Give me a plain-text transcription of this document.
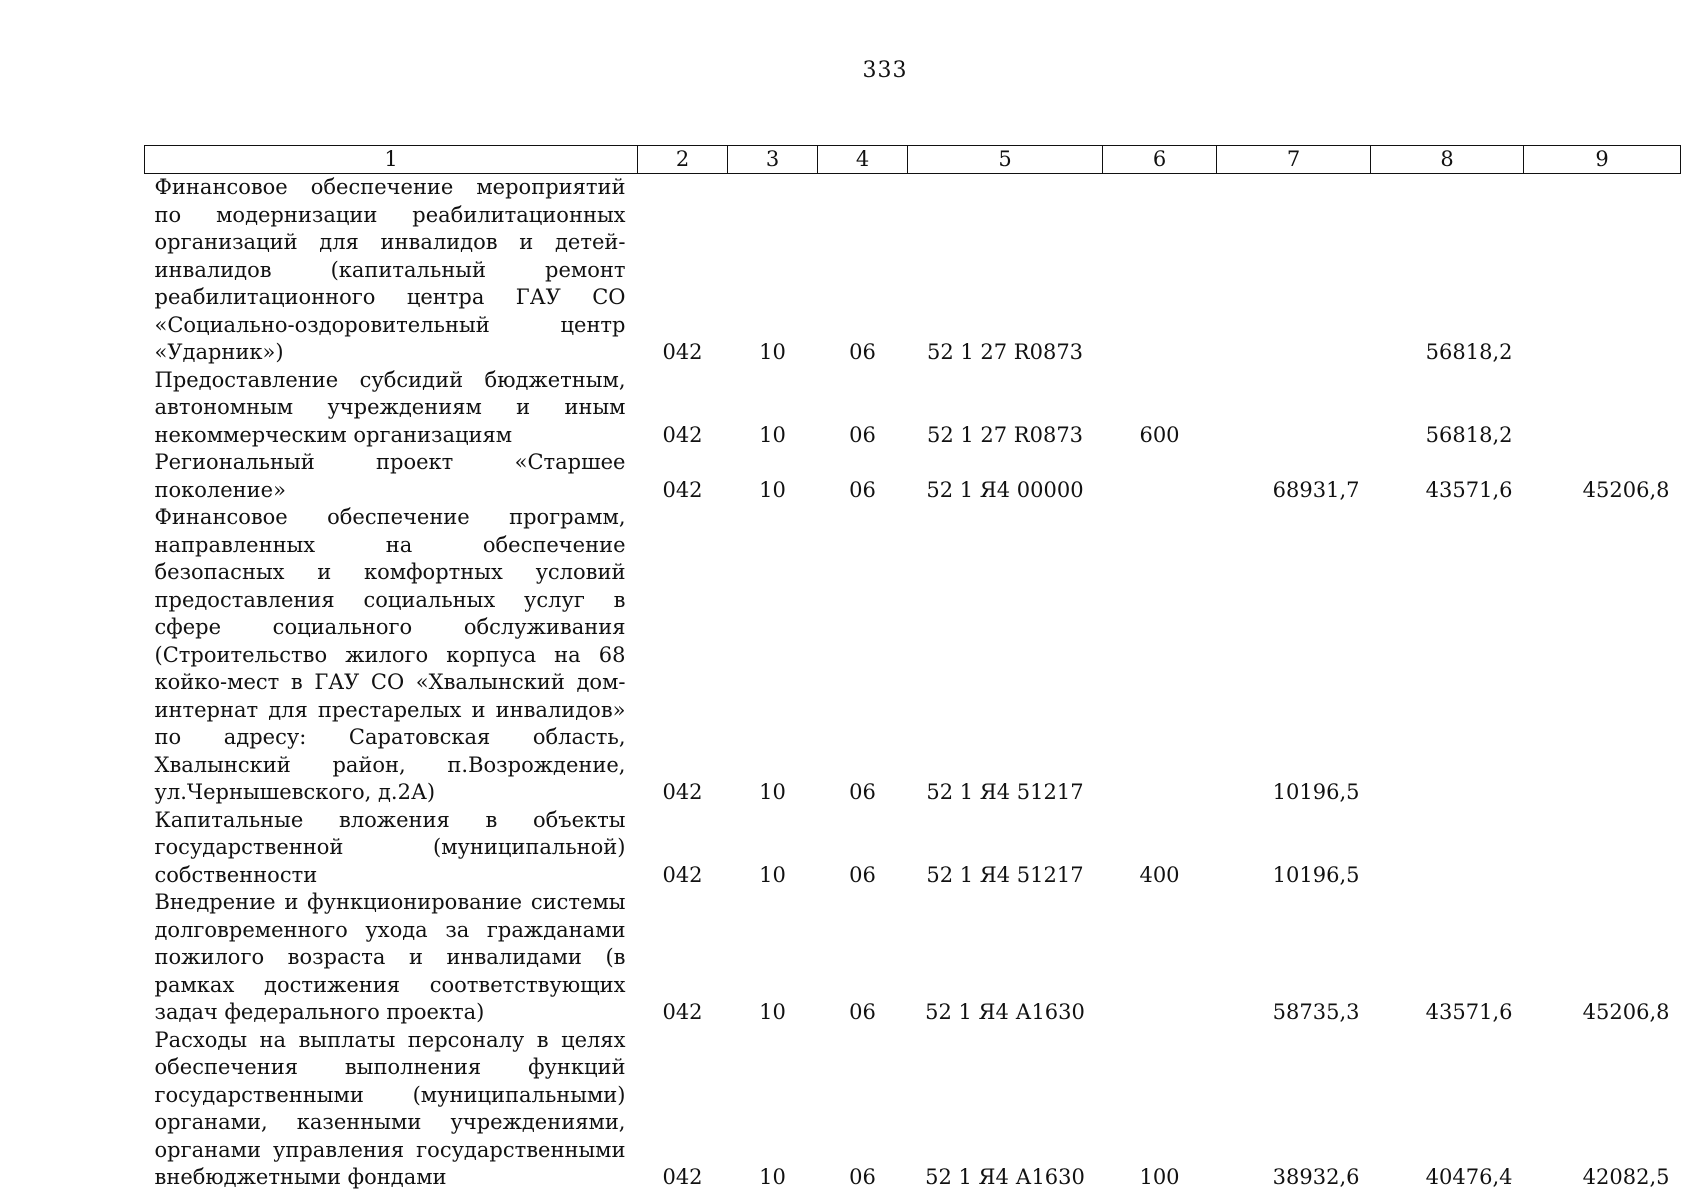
333
1	2	3	4	5	6	7	8	9
Финансовое обеспечение мероприятий по модернизации реабилитационных организаций для инвалидов и детей-инвалидов (капитальный ремонт реабилитационного центра ГАУ СО «Социально-оздоровительный центр «Ударник»)	042	10	06	52 1 27 R0873			56818,2	
Предоставление субсидий бюджетным, автономным учреждениям и иным некоммерческим организациям	042	10	06	52 1 27 R0873	600		56818,2	
Региональный проект «Старшее поколение»	042	10	06	52 1 Я4 00000		68931,7	43571,6	45206,8
Финансовое обеспечение программ, направленных на обеспечение безопасных и комфортных условий предоставления социальных услуг в сфере социального обслуживания (Строительство жилого корпуса на 68 койко-мест в ГАУ СО «Хвалынский дом-интернат для престарелых и инвалидов» по адресу: Саратовская область, Хвалынский район, п.Возрождение, ул.Чернышевского, д.2А)	042	10	06	52 1 Я4 51217		10196,5		
Капитальные вложения в объекты государственной (муниципальной) собственности	042	10	06	52 1 Я4 51217	400	10196,5		
Внедрение и функционирование системы долговременного ухода за гражданами пожилого возраста и инвалидами (в рамках достижения соответствующих задач федерального проекта)	042	10	06	52 1 Я4 А1630		58735,3	43571,6	45206,8
Расходы на выплаты персоналу в целях обеспечения выполнения функций государственными (муниципальными) органами, казенными учреждениями, органами управления государственными внебюджетными фондами	042	10	06	52 1 Я4 А1630	100	38932,6	40476,4	42082,5
